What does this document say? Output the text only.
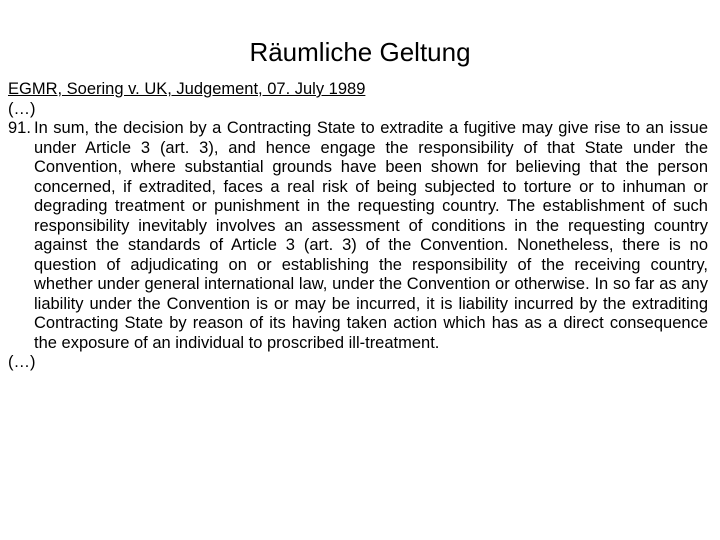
Räumliche Geltung

EGMR, Soering v. UK, Judgement, 07. July 1989

(…)

91. In sum, the decision by a Contracting State to extradite a fugitive may give rise to an issue under Article 3 (art. 3), and hence engage the responsibility of that State under the Convention, where substantial grounds have been shown for believing that the person concerned, if extradited, faces a real risk of being subjected to torture or to inhuman or degrading treatment or punishment in the requesting country. The establishment of such responsibility inevitably involves an assessment of conditions in the requesting country against the standards of Article 3 (art. 3) of the Convention. Nonetheless, there is no question of adjudicating on or establishing the responsibility of the receiving country, whether under general international law, under the Convention or otherwise. In so far as any liability under the Convention is or may be incurred, it is liability incurred by the extraditing Contracting State by reason of its having taken action which has as a direct consequence the exposure of an individual to proscribed ill-treatment.

(…)
